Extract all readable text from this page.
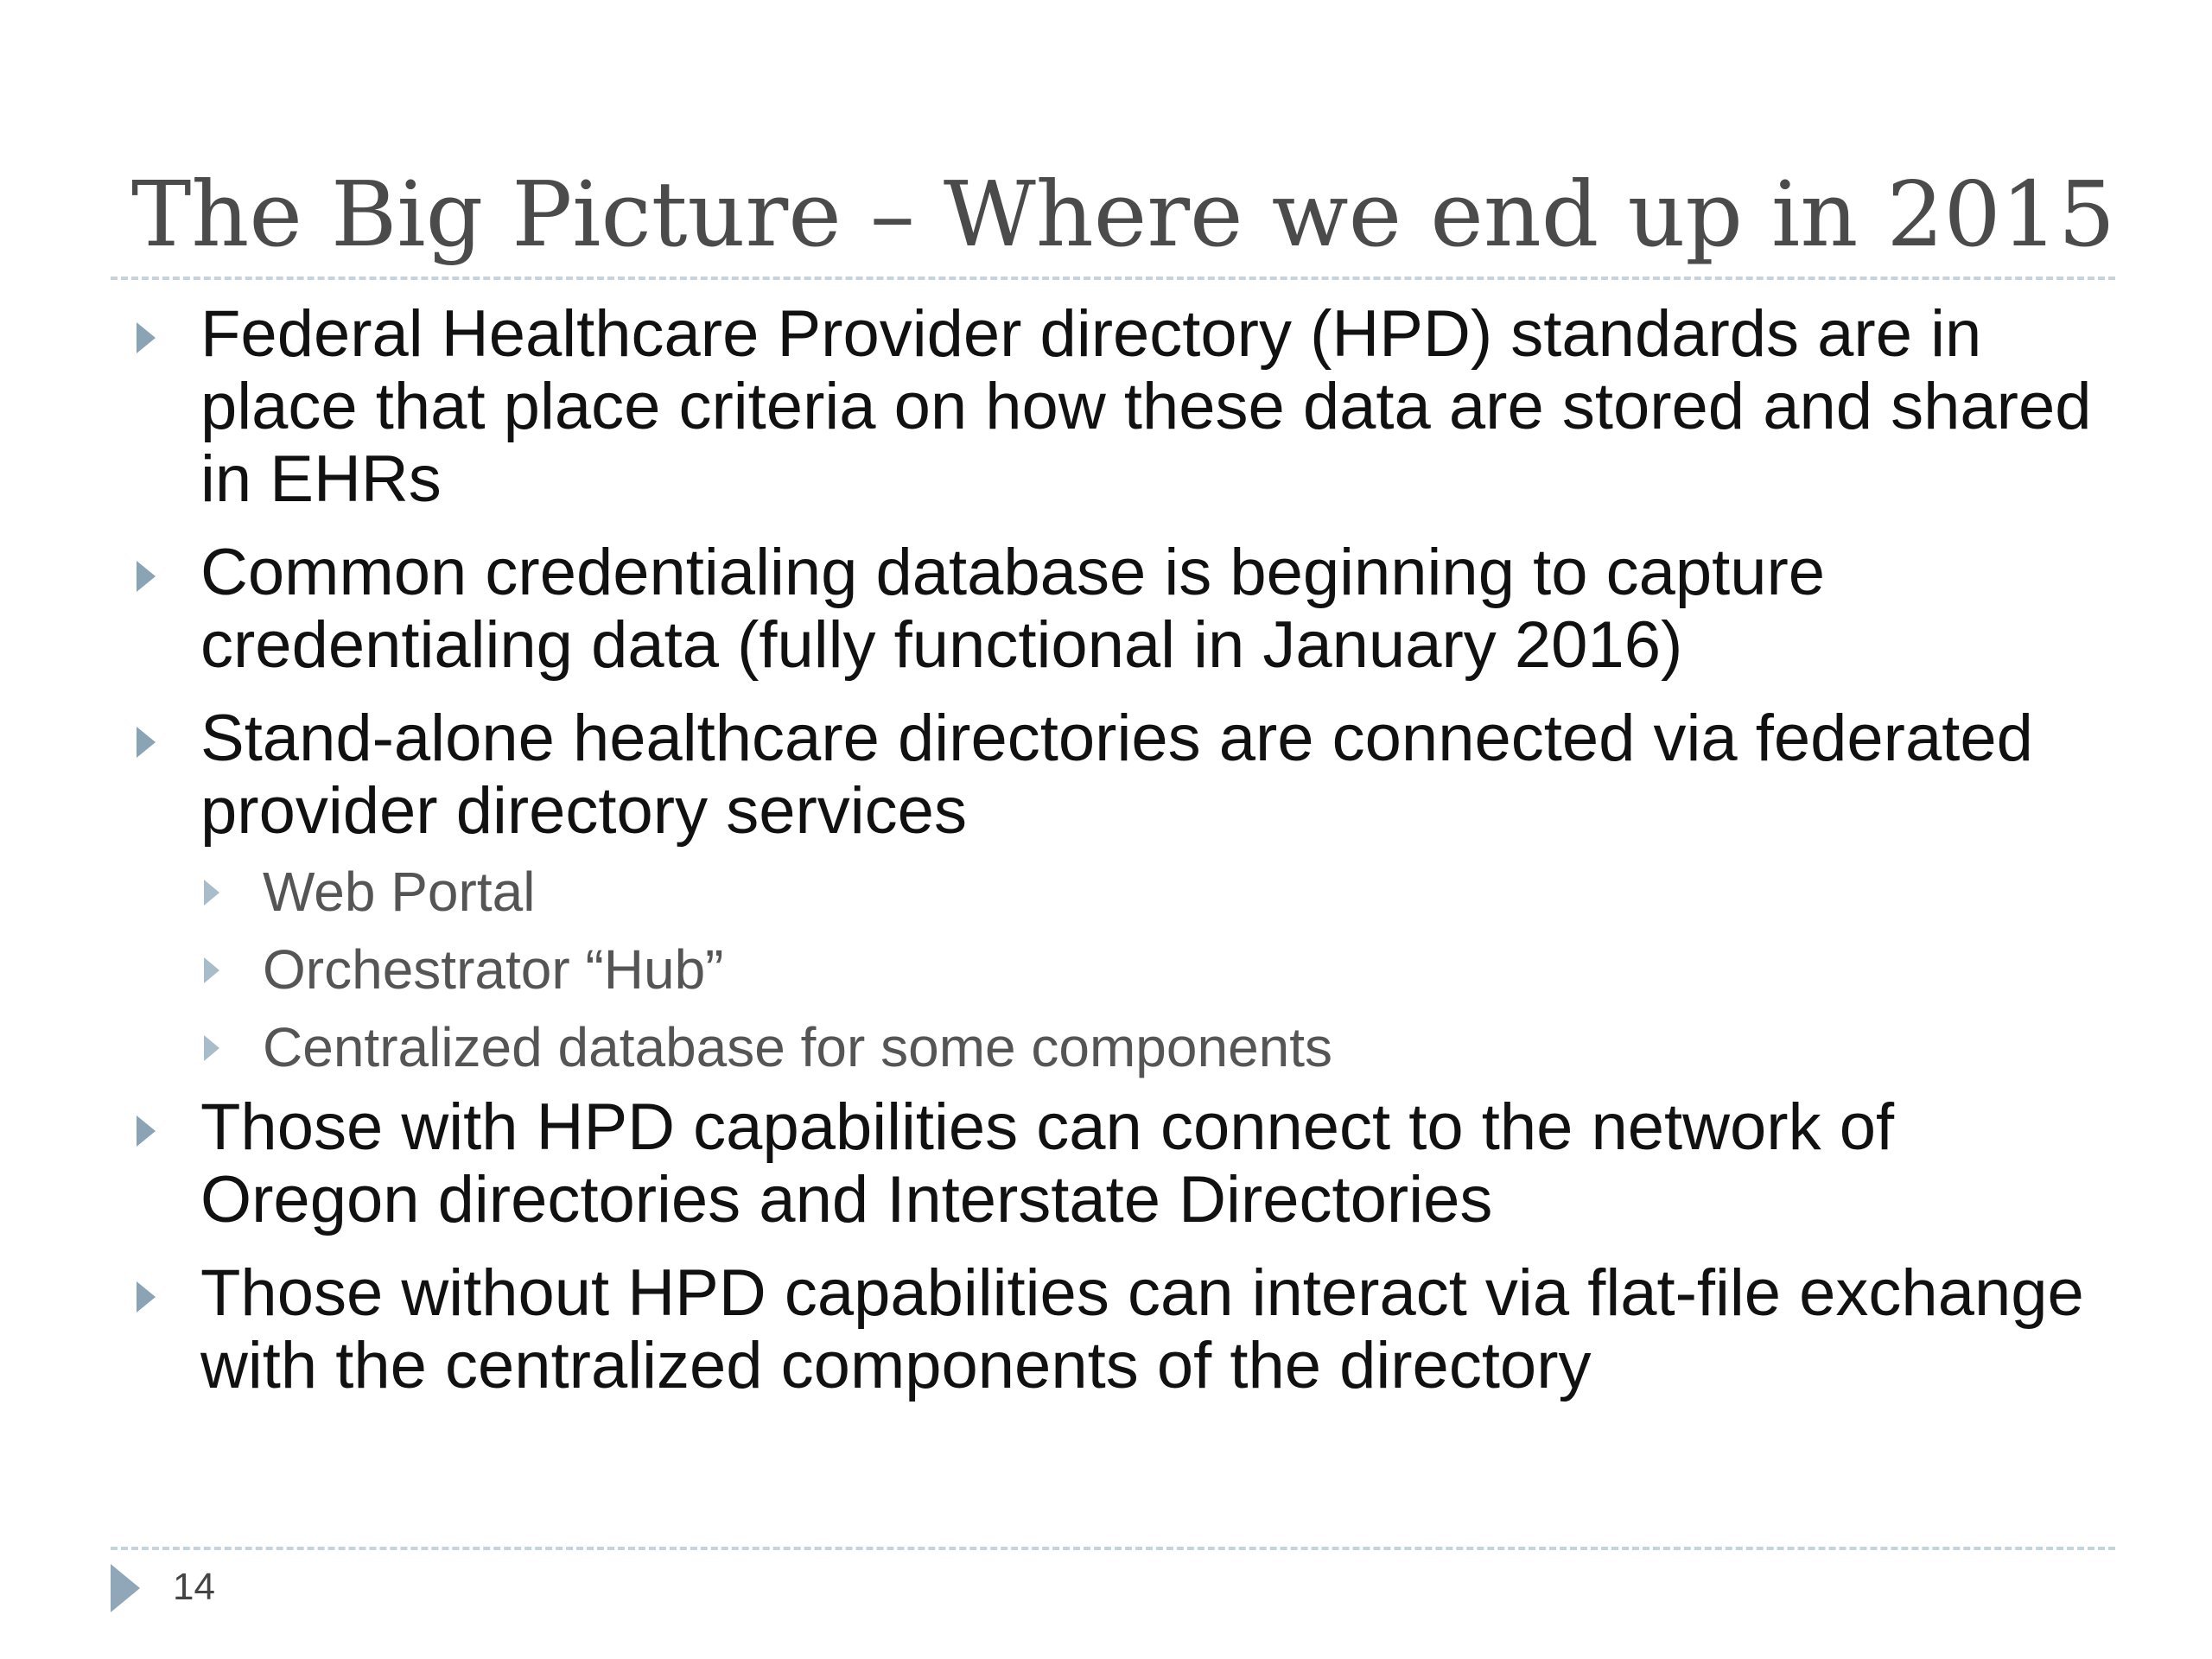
The Big Picture – Where we end up in 2015
Federal Healthcare Provider directory (HPD) standards are in place that place criteria on how these data are stored and shared in EHRs
Common credentialing database is beginning to capture credentialing data (fully functional in January 2016)
Stand-alone healthcare directories are connected via federated provider directory services
Web Portal
Orchestrator “Hub”
Centralized database for some components
Those with HPD capabilities can connect to the network of Oregon directories and Interstate Directories
Those without HPD capabilities can interact via flat-file exchange with the centralized components of the directory
14
